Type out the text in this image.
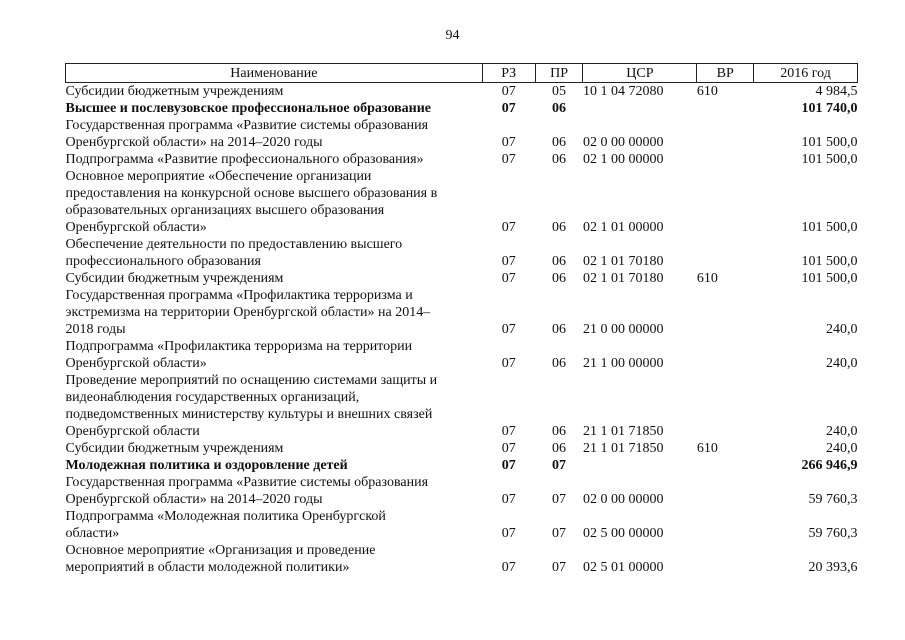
94
Наименование	РЗ	ПР	ЦСР	ВР	2016 год

Субсидии бюджетным учреждениям	07	05	10 1 04 72080	610	4 984,5

Высшее и послевузовское профессиональное образование	07	06			101 740,0

Государственная программа «Развитие системы образования
Оренбургской области» на 2014–2020 годы	07	06	02 0 00 00000		101 500,0

Подпрограмма «Развитие профессионального образования»	07	06	02 1 00 00000		101 500,0

Основное мероприятие «Обеспечение организации
предоставления на конкурсной основе высшего образования в
образовательных организациях высшего образования
Оренбургской области»	07	06	02 1 01 00000		101 500,0

Обеспечение деятельности по предоставлению высшего
профессионального образования	07	06	02 1 01 70180		101 500,0

Субсидии бюджетным учреждениям	07	06	02 1 01 70180	610	101 500,0

Государственная программа «Профилактика терроризма и
экстремизма на территории Оренбургской области» на 2014–
2018 годы	07	06	21 0 00 00000		240,0

Подпрограмма «Профилактика терроризма на территории
Оренбургской области»	07	06	21 1 00 00000		240,0

Проведение мероприятий по оснащению системами защиты и
видеонаблюдения государственных организаций,
подведомственных министерству культуры и внешних связей
Оренбургской области	07	06	21 1 01 71850		240,0

Субсидии бюджетным учреждениям	07	06	21 1 01 71850	610	240,0

Молодежная политика и оздоровление детей	07	07			266 946,9

Государственная программа «Развитие системы образования
Оренбургской области» на 2014–2020 годы	07	07	02 0 00 00000		59 760,3

Подпрограмма «Молодежная политика Оренбургской
области»	07	07	02 5 00 00000		59 760,3

Основное мероприятие «Организация и проведение
мероприятий в области молодежной политики»	07	07	02 5 01 00000		20 393,6
